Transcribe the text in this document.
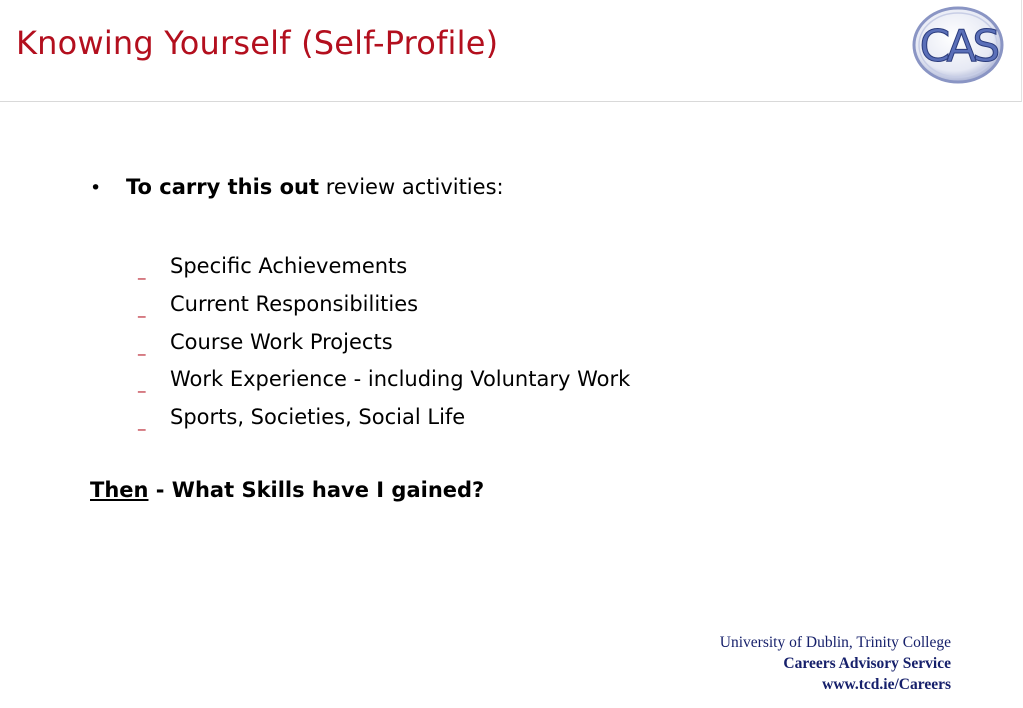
Knowing Yourself (Self-Profile)	CAS
• To carry this out review activities:
_ Specific Achievements
_ Current Responsibilities
_ Course Work Projects
_ Work Experience - including Voluntary Work
_ Sports, Societies, Social Life
Then - What Skills have I gained?
University of Dublin, Trinity College
Careers Advisory Service
www.tcd.ie/Careers
